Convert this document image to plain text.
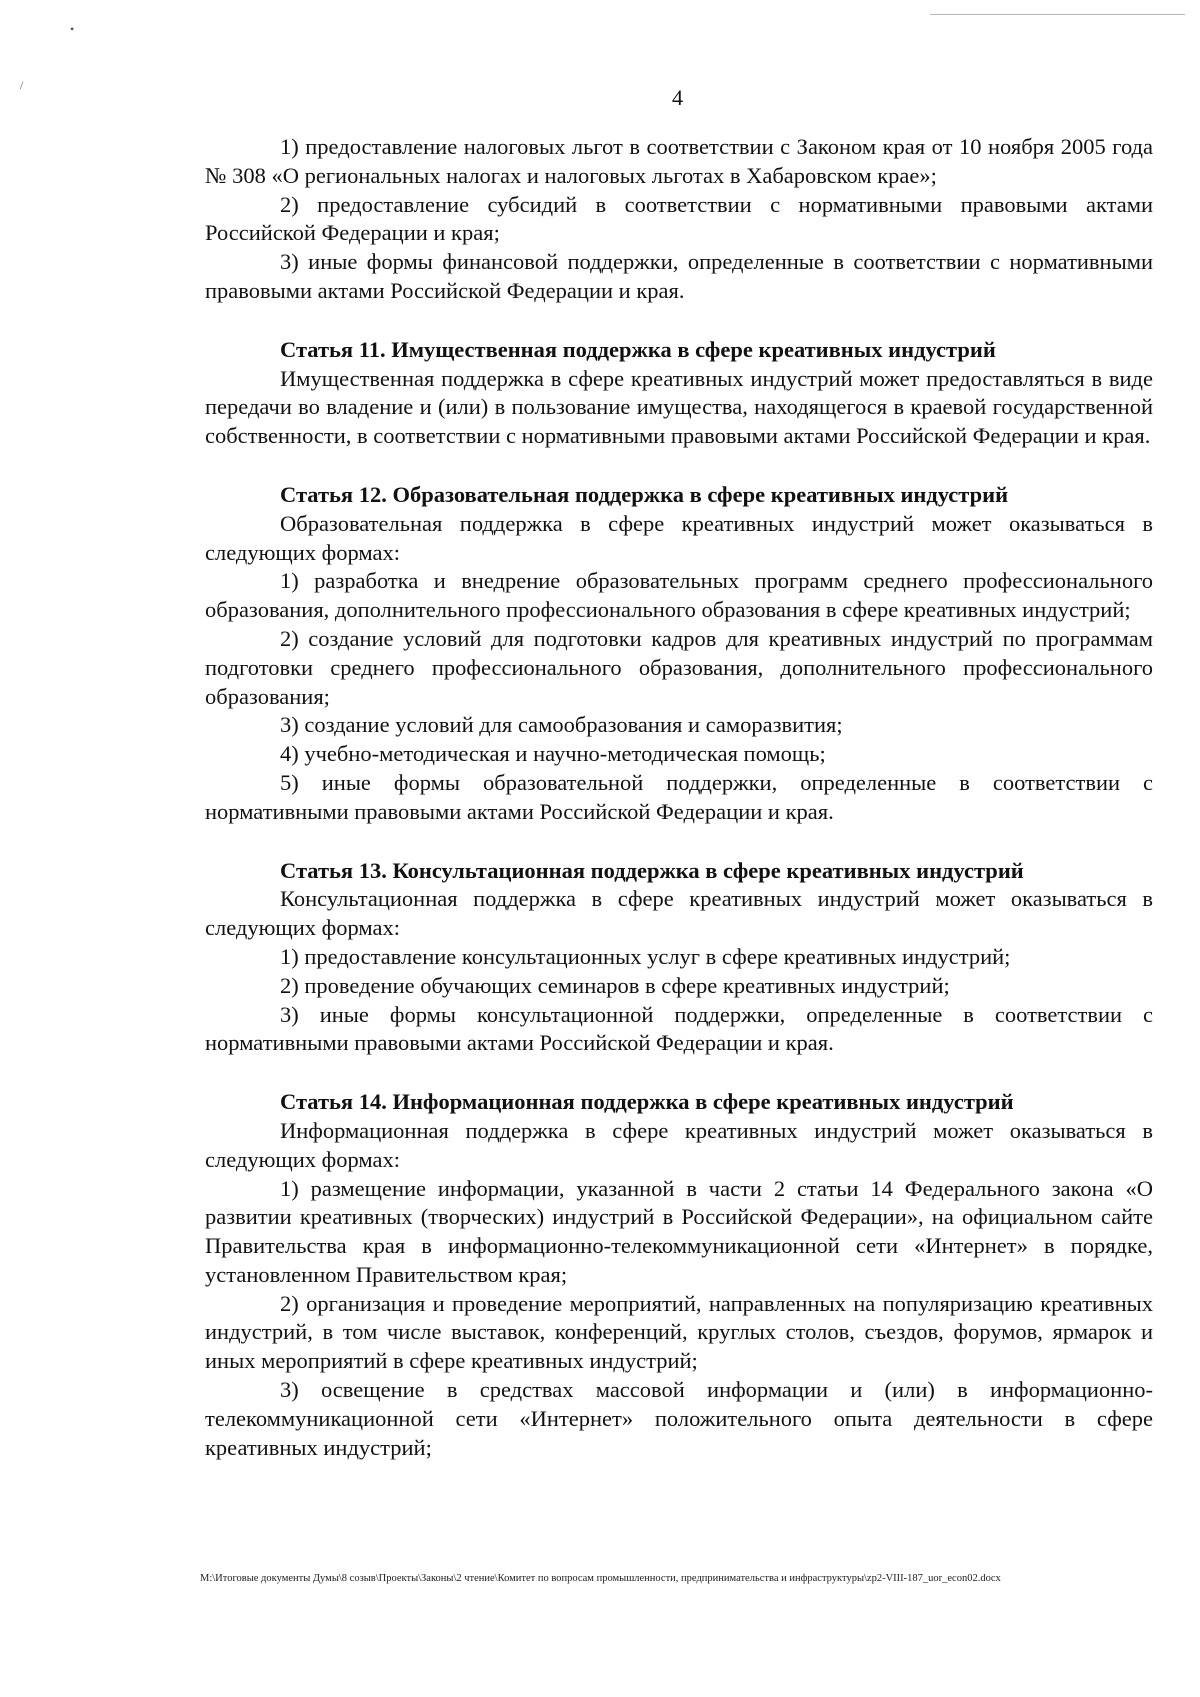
•
/	4

1) предоставление налоговых льгот в соответствии с Законом края от 10 ноября 2005 года № 308 «О региональных налогах и налоговых льготах в Хабаровском крае»;

2) предоставление субсидий в соответствии с нормативными правовыми актами Российской Федерации и края;

3) иные формы финансовой поддержки, определенные в соответствии с нормативными правовыми актами Российской Федерации и края.

Статья 11. Имущественная поддержка в сфере креативных индустрий

Имущественная поддержка в сфере креативных индустрий может предоставляться в виде передачи во владение и (или) в пользование имущества, находящегося в краевой государственной собственности, в соответствии с нормативными правовыми актами Российской Федерации и края.

Статья 12. Образовательная поддержка в сфере креативных индустрий

Образовательная поддержка в сфере креативных индустрий может оказываться в следующих формах:

1) разработка и внедрение образовательных программ среднего профессионального образования, дополнительного профессионального образования в сфере креативных индустрий;

2) создание условий для подготовки кадров для креативных индустрий по программам подготовки среднего профессионального образования, дополнительного профессионального образования;

3) создание условий для самообразования и саморазвития;

4) учебно-методическая и научно-методическая помощь;

5) иные формы образовательной поддержки, определенные в соответствии с нормативными правовыми актами Российской Федерации и края.

Статья 13. Консультационная поддержка в сфере креативных индустрий

Консультационная поддержка в сфере креативных индустрий может оказываться в следующих формах:

1) предоставление консультационных услуг в сфере креативных индустрий;

2) проведение обучающих семинаров в сфере креативных индустрий;

3) иные формы консультационной поддержки, определенные в соответствии с нормативными правовыми актами Российской Федерации и края.

Статья 14. Информационная поддержка в сфере креативных индустрий

Информационная поддержка в сфере креативных индустрий может оказываться в следующих формах:

1) размещение информации, указанной в части 2 статьи 14 Федерального закона «О развитии креативных (творческих) индустрий в Российской Федерации», на официальном сайте Правительства края в информационно-телекоммуникационной сети «Интернет» в порядке, установленном Правительством края;

2) организация и проведение мероприятий, направленных на популяризацию креативных индустрий, в том числе выставок, конференций, круглых столов, съездов, форумов, ярмарок и иных мероприятий в сфере креативных индустрий;

3) освещение в средствах массовой информации и (или) в информационно-телекоммуникационной сети «Интернет» положительного опыта деятельности в сфере креативных индустрий;

M:\Итоговые документы Думы\8 созыв\Проекты\Законы\2 чтение\Комитет по вопросам промышленности, предпринимательства и инфраструктуры\zp2-VIII-187_uor_econ02.docx
